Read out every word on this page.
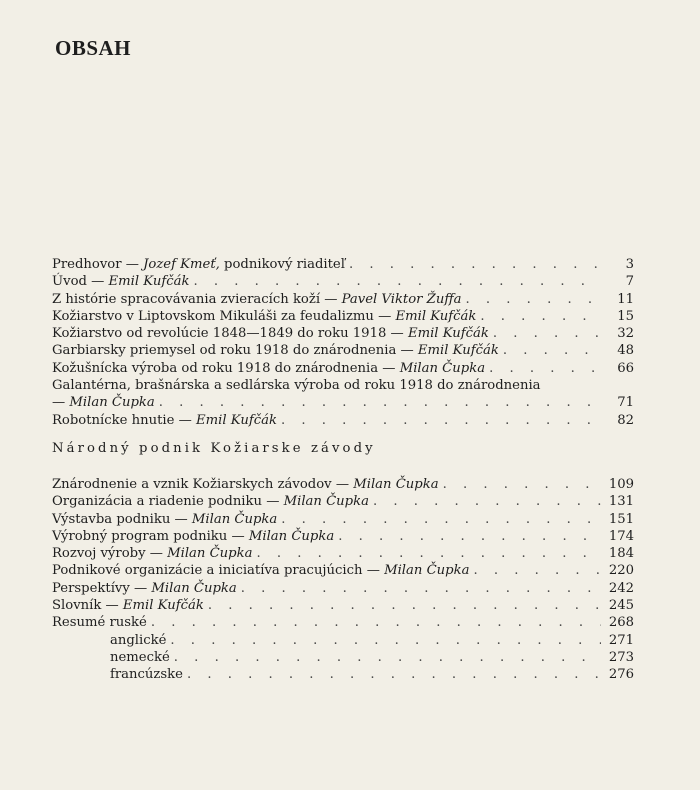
OBSAH
Predhovor — Jozef Kmeť, podnikový riaditeľ . . .	3
Úvod — Emil Kufčák . . .	7
Z histórie spracovávania zvieracích koží — Pavel Viktor Žuffa . . .	11
Kožiarstvo v Liptovskom Mikuláši za feudalizmu — Emil Kufčák . . .	15
Kožiarstvo od revolúcie 1848—1849 do roku 1918 — Emil Kufčák . . .	32
Garbiarsky priemysel od roku 1918 do znárodnenia — Emil Kufčák . . .	48
Kožušnícka výroba od roku 1918 do znárodnenia — Milan Čupka . . .	66
Galantérna, brašnárska a sedlárska výroba od roku 1918 do znárodnenia
— Milan Čupka . . .	71
Robotnícke hnutie — Emil Kufčák . . .	82
Národný podnik Kožiarske závody
Znárodnenie a vznik Kožiarskych závodov — Milan Čupka . . .	109
Organizácia a riadenie podniku — Milan Čupka . . .	131
Výstavba podniku — Milan Čupka . . .	151
Výrobný program podniku — Milan Čupka . . .	174
Rozvoj výroby — Milan Čupka . . .	184
Podnikové organizácie a iniciatíva pracujúcich — Milan Čupka . . .	220
Perspektívy — Milan Čupka . . .	242
Slovník — Emil Kufčák . . .	245
Resumé ruské . . .	268
anglické . . .	271
nemecké . . .	273
francúzske . . .	276
